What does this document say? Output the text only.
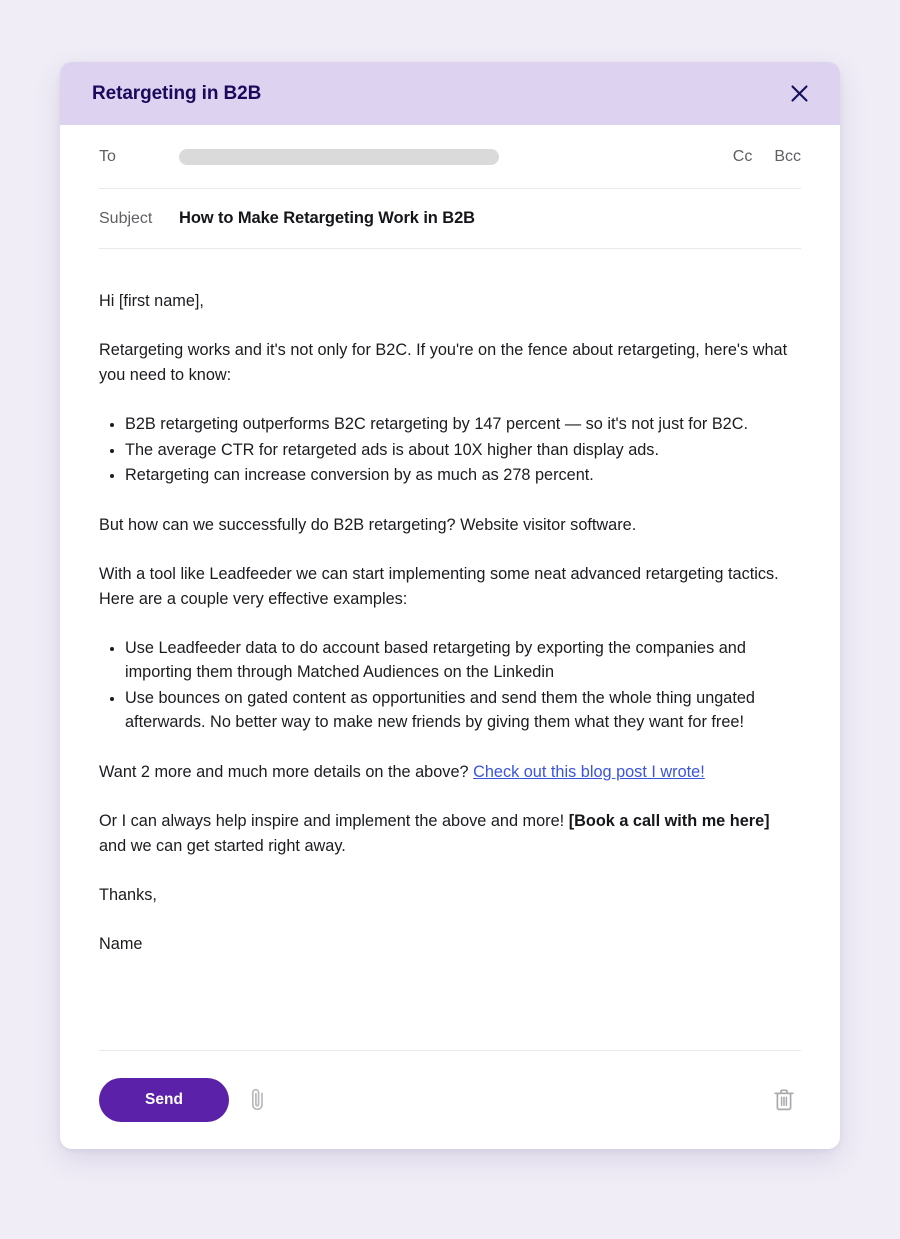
Retargeting in B2B
To	Cc Bcc
Subject	How to Make Retargeting Work in B2B

Hi [first name],

Retargeting works and it's not only for B2C. If you're on the fence about retargeting, here's what you need to know:

• B2B retargeting outperforms B2C retargeting by 147 percent — so it's not just for B2C.
• The average CTR for retargeted ads is about 10X higher than display ads.
• Retargeting can increase conversion by as much as 278 percent.

But how can we successfully do B2B retargeting? Website visitor software.

With a tool like Leadfeeder we can start implementing some neat advanced retargeting tactics. Here are a couple very effective examples:

• Use Leadfeeder data to do account based retargeting by exporting the companies and importing them through Matched Audiences on the Linkedin
• Use bounces on gated content as opportunities and send them the whole thing ungated afterwards. No better way to make new friends by giving them what they want for free!

Want 2 more and much more details on the above? Check out this blog post I wrote!

Or I can always help inspire and implement the above and more! [Book a call with me here] and we can get started right away.

Thanks,

Name

Send
